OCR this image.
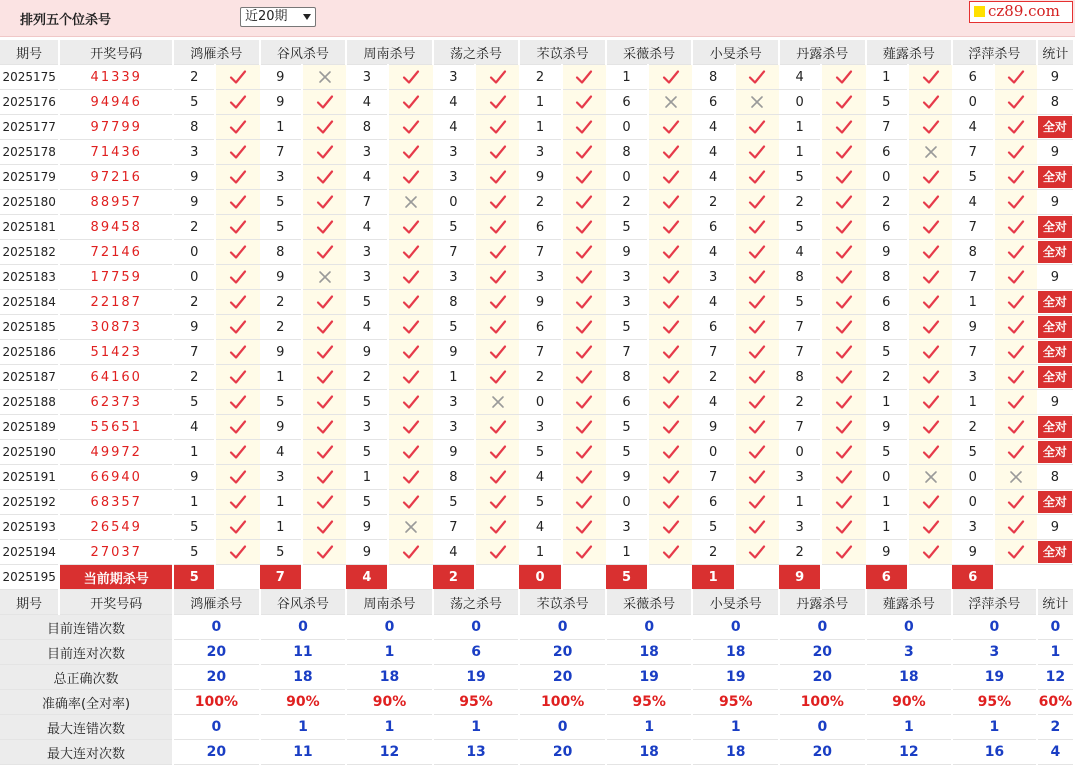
排列五个位杀号	近20期	cz89.com
期号	开奖号码	鸿雁杀号		谷风杀号		周南杀号		荡之杀号		芣苡杀号		采薇杀号		小旻杀号		丹露杀号		薤露杀号		浮萍杀号		统计
2025175	41339	2		9		3		3		2		1		8		4		1		6		9
2025176	94946	5		9		4		4		1		6		6		0		5		0		8
2025177	97799	8		1		8		4		1		0		4		1		7		4		全对
2025178	71436	3		7		3		3		3		8		4		1		6		7		9
2025179	97216	9		3		4		3		9		0		4		5		0		5		全对
2025180	88957	9		5		7		0		2		2		2		2		2		4		9
2025181	89458	2		5		4		5		6		5		6		5		6		7		全对
2025182	72146	0		8		3		7		7		9		4		4		9		8		全对
2025183	17759	0		9		3		3		3		3		3		8		8		7		9
2025184	22187	2		2		5		8		9		3		4		5		6		1		全对
2025185	30873	9		2		4		5		6		5		6		7		8		9		全对
2025186	51423	7		9		9		9		7		7		7		7		5		7		全对
2025187	64160	2		1		2		1		2		8		2		8		2		3		全对
2025188	62373	5		5		5		3		0		6		4		2		1		1		9
2025189	55651	4		9		3		3		3		5		9		7		9		2		全对
2025190	49972	1		4		5		9		5		5		0		0		5		5		全对
2025191	66940	9		3		1		8		4		9		7		3		0		0		8
2025192	68357	1		1		5		5		5		0		6		1		1		0		全对
2025193	26549	5		1		9		7		4		3		5		3		1		3		9
2025194	27037	5		5		9		4		1		1		2		2		9		9		全对
2025195	当前期杀号	5		7		4		2		0		5		1		9		6		6		
期号	开奖号码	鸿雁杀号		谷风杀号		周南杀号		荡之杀号		芣苡杀号		采薇杀号		小旻杀号		丹露杀号		薤露杀号		浮萍杀号		统计
目前连错次数		0		0		0		0		0		0		0		0		0		0		0
目前连对次数		20		11		1		6		20		18		18		20		3		3		1
总正确次数		20		18		18		19		20		19		19		20		18		19		12
准确率(全对率)		100%		90%		90%		95%		100%		95%		95%		100%		90%		95%		60%
最大连错次数		0		1		1		1		0		1		1		0		1		1		2
最大连对次数		20		11		12		13		20		18		18		20		12		16		4
